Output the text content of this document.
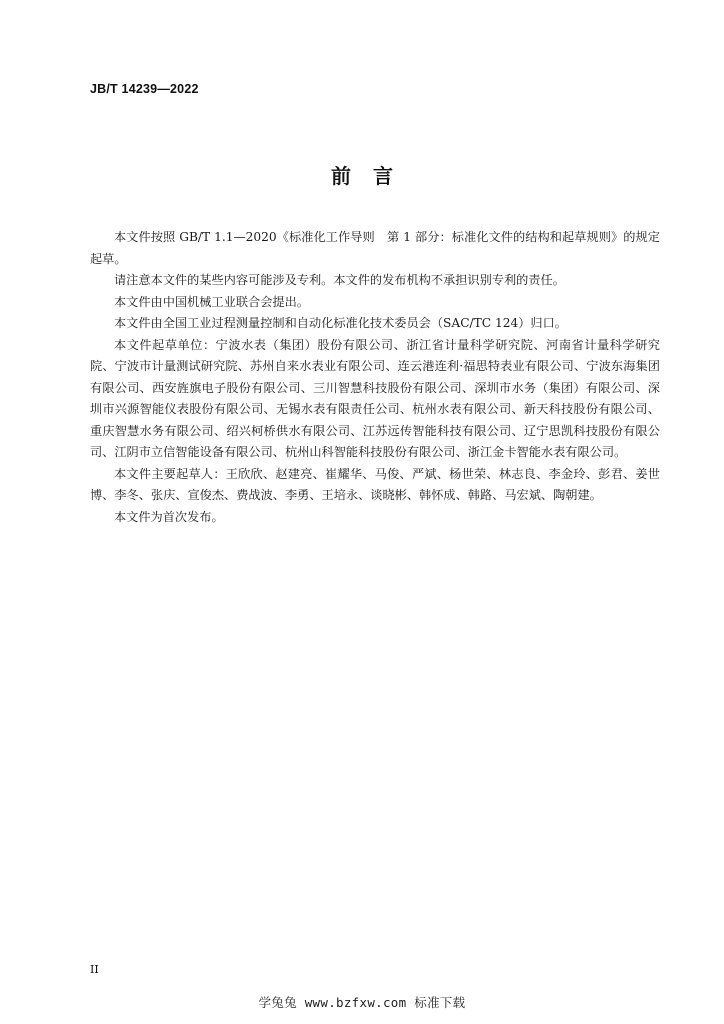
JB/T 14239—2022
前言

本文件按照 GB/T 1.1—2020《标准化工作导则　第 1 部分：标准化文件的结构和起草规则》的规定起草。

请注意本文件的某些内容可能涉及专利。本文件的发布机构不承担识别专利的责任。

本文件由中国机械工业联合会提出。

本文件由全国工业过程测量控制和自动化标准化技术委员会（SAC/TC 124）归口。

本文件起草单位：宁波水表（集团）股份有限公司、浙江省计量科学研究院、河南省计量科学研究院、宁波市计量测试研究院、苏州自来水表业有限公司、连云港连利·福思特表业有限公司、宁波东海集团有限公司、西安旌旗电子股份有限公司、三川智慧科技股份有限公司、深圳市水务（集团）有限公司、深圳市兴源智能仪表股份有限公司、无锡水表有限责任公司、杭州水表有限公司、新天科技股份有限公司、重庆智慧水务有限公司、绍兴柯桥供水有限公司、江苏远传智能科技有限公司、辽宁思凯科技股份有限公司、江阴市立信智能设备有限公司、杭州山科智能科技股份有限公司、浙江金卡智能水表有限公司。

本文件主要起草人：王欣欣、赵建亮、崔耀华、马俊、严斌、杨世荣、林志良、李金玲、彭君、姜世博、李冬、张庆、宣俊杰、费战波、李勇、王培永、谈晓彬、韩怀成、韩路、马宏斌、陶朝建。

本文件为首次发布。

II
学兔兔 www.bzfxw.com 标准下载
